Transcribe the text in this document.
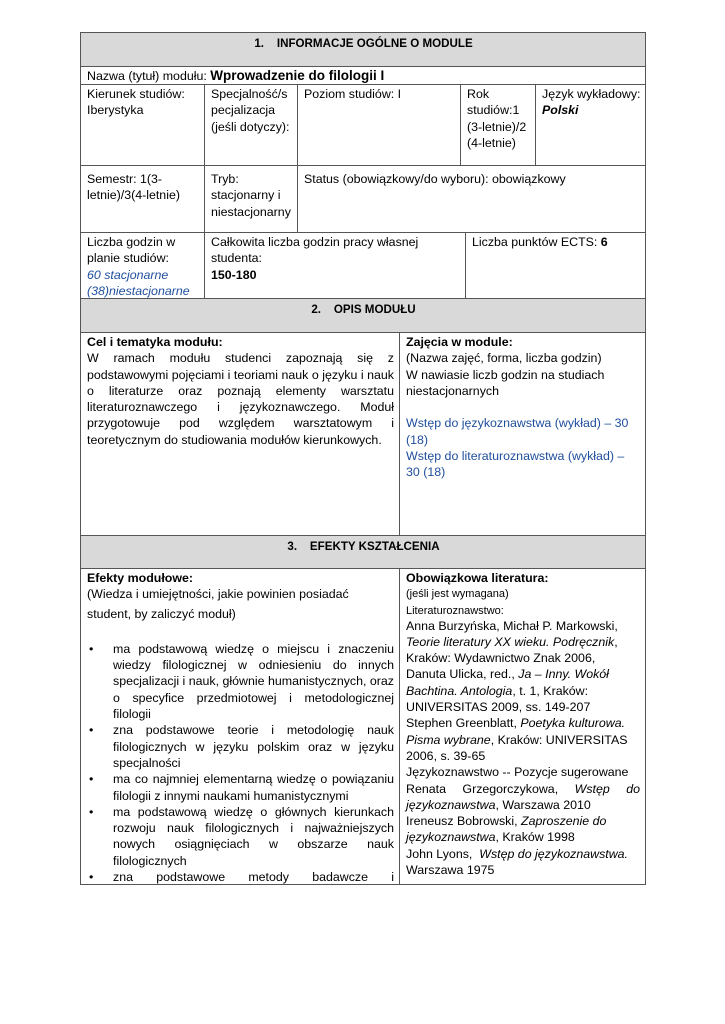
1.    INFORMACJE OGÓLNE O MODULE
Nazwa (tytuł) modułu: Wprowadzenie do filologii I
Kierunek studiów:
Iberystyka
Specjalność/s
pecjalizacja
(jeśli dotyczy):
Poziom studiów: I	Rok
studiów:1
(3-letnie)/2
(4-letnie)
Język wykładowy:
Polski
Semestr: 1(3-
letnie)/3(4-letnie)
Tryb:
stacjonarny i
niestacjonarny
Status (obowiązkowy/do wyboru): obowiązkowy
Liczba godzin w
planie studiów:
60 stacjonarne
(38)niestacjonarne
Całkowita liczba godzin pracy własnej
studenta:
150-180
Liczba punktów ECTS: 6
2.    OPIS MODUŁU
Cel i tematyka modułu:
W ramach modułu studenci zapoznają się z
podstawowymi pojęciami i teoriami nauk o języku i nauk
o literaturze oraz poznają elementy warsztatu
literaturoznawczego i językoznawczego. Moduł
przygotowuje pod względem warsztatowym i
teoretycznym do studiowania modułów kierunkowych.
Zajęcia w module:
(Nazwa zajęć, forma, liczba godzin)
W nawiasie liczb godzin na studiach
niestacjonarnych
Wstęp do językoznawstwa (wykład) – 30
(18)
Wstęp do literaturoznawstwa (wykład) –
30 (18)
3.    EFEKTY KSZTAŁCENIA
Efekty modułowe:
(Wiedza i umiejętności, jakie powinien posiadać
student, by zaliczyć moduł)
• ma podstawową wiedzę o miejscu i znaczeniu
wiedzy filologicznej w odniesieniu do innych
specjalizacji i nauk, głównie humanistycznych, oraz
o specyfice przedmiotowej i metodologicznej
filologii
• zna podstawowe teorie i metodologię nauk
filologicznych w języku polskim oraz w języku
specjalności
• ma co najmniej elementarną wiedzę o powiązaniu
filologii z innymi naukami humanistycznymi
• ma podstawową wiedzę o głównych kierunkach
rozwoju nauk filologicznych i najważniejszych
nowych osiągnięciach w obszarze nauk
filologicznych
• zna podstawowe metody badawcze i
Obowiązkowa literatura:
(jeśli jest wymagana)
Literaturoznawstwo:
Anna Burzyńska, Michał P. Markowski,
Teorie literatury XX wieku. Podręcznik,
Kraków: Wydawnictwo Znak 2006,
Danuta Ulicka, red., Ja – Inny. Wokół
Bachtina. Antologia, t. 1, Kraków:
UNIVERSITAS 2009, ss. 149-207
Stephen Greenblatt, Poetyka kulturowa.
Pisma wybrane, Kraków: UNIVERSITAS
2006, s. 39-65
Językoznawstwo -- Pozycje sugerowane
Renata Grzegorczykowa, Wstęp do
językoznawstwa, Warszawa 2010
Ireneusz Bobrowski, Zaproszenie do
językoznawstwa, Kraków 1998
John Lyons,  Wstęp do językoznawstwa.
Warszawa 1975
